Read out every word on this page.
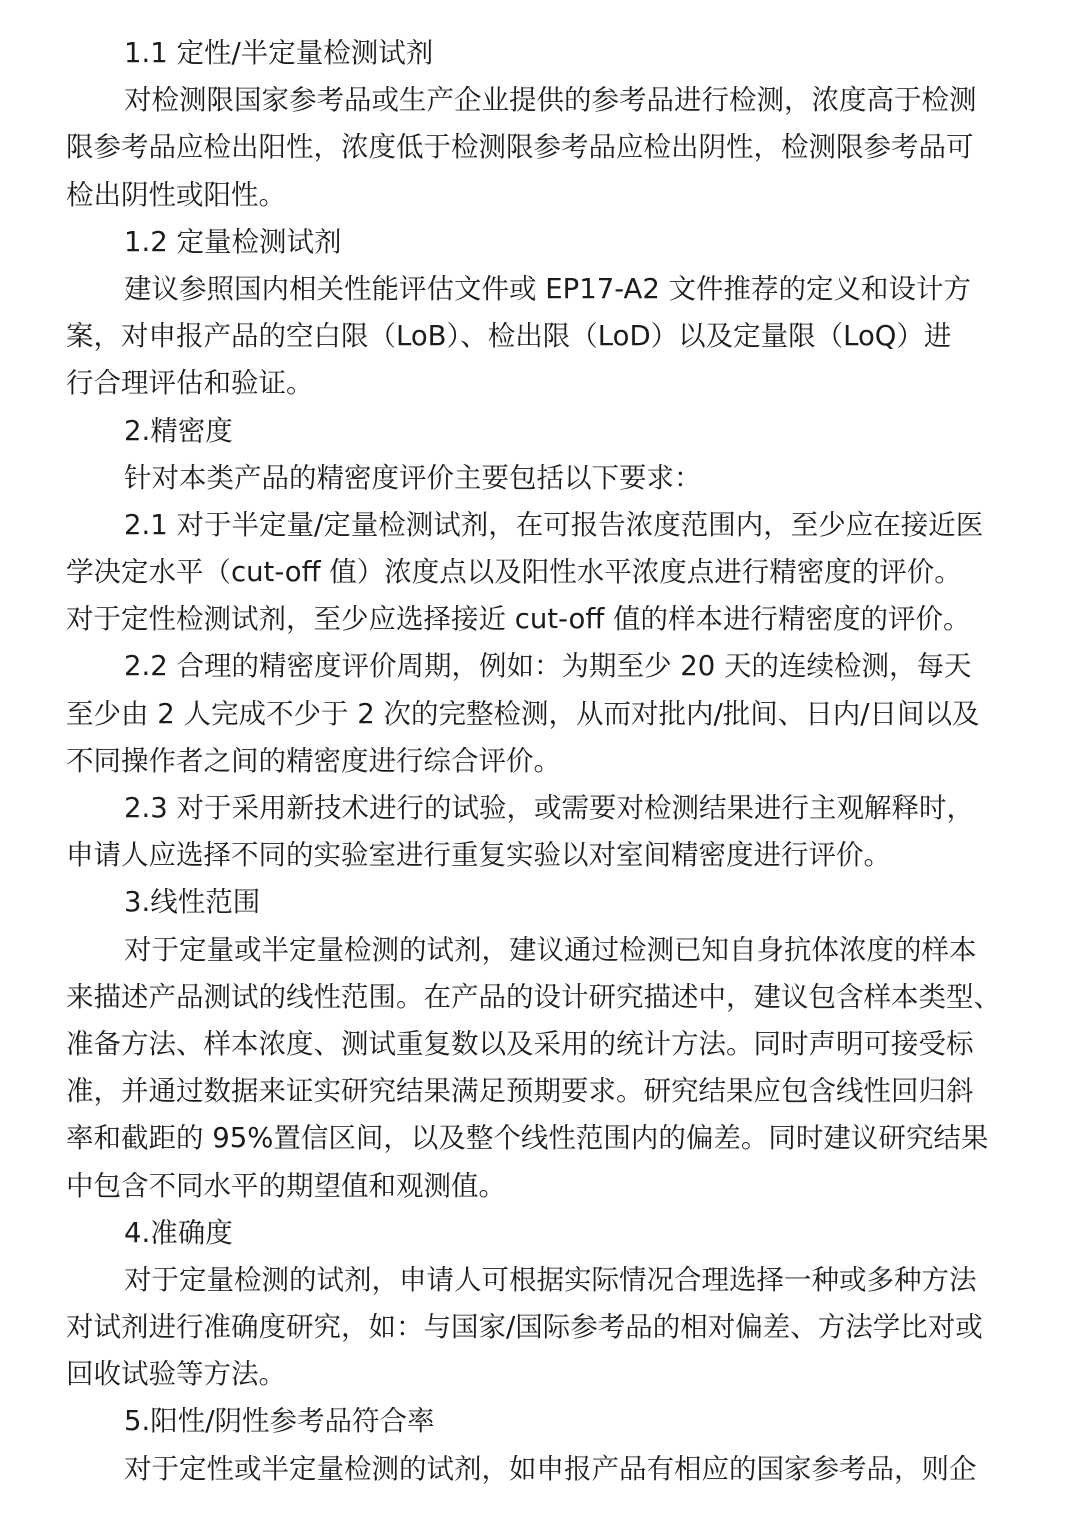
1.1 定性/半定量检测试剂
对检测限国家参考品或生产企业提供的参考品进行检测，浓度高于检测
限参考品应检出阳性，浓度低于检测限参考品应检出阴性，检测限参考品可
检出阴性或阳性。
1.2 定量检测试剂
建议参照国内相关性能评估文件或 EP17-A2 文件推荐的定义和设计方
案，对申报产品的空白限（LoB）、检出限（LoD）以及定量限（LoQ）进
行合理评估和验证。
2.精密度
针对本类产品的精密度评价主要包括以下要求：
2.1 对于半定量/定量检测试剂，在可报告浓度范围内，至少应在接近医
学决定水平（cut-off 值）浓度点以及阳性水平浓度点进行精密度的评价。
对于定性检测试剂，至少应选择接近 cut-off 值的样本进行精密度的评价。
2.2 合理的精密度评价周期，例如：为期至少 20 天的连续检测，每天
至少由 2 人完成不少于 2 次的完整检测，从而对批内/批间、日内/日间以及
不同操作者之间的精密度进行综合评价。
2.3 对于采用新技术进行的试验，或需要对检测结果进行主观解释时，
申请人应选择不同的实验室进行重复实验以对室间精密度进行评价。
3.线性范围
对于定量或半定量检测的试剂，建议通过检测已知自身抗体浓度的样本
来描述产品测试的线性范围。在产品的设计研究描述中，建议包含样本类型、
准备方法、样本浓度、测试重复数以及采用的统计方法。同时声明可接受标
准，并通过数据来证实研究结果满足预期要求。研究结果应包含线性回归斜
率和截距的 95%置信区间，以及整个线性范围内的偏差。同时建议研究结果
中包含不同水平的期望值和观测值。
4.准确度
对于定量检测的试剂，申请人可根据实际情况合理选择一种或多种方法
对试剂进行准确度研究，如：与国家/国际参考品的相对偏差、方法学比对或
回收试验等方法。
5.阳性/阴性参考品符合率
对于定性或半定量检测的试剂，如申报产品有相应的国家参考品，则企
